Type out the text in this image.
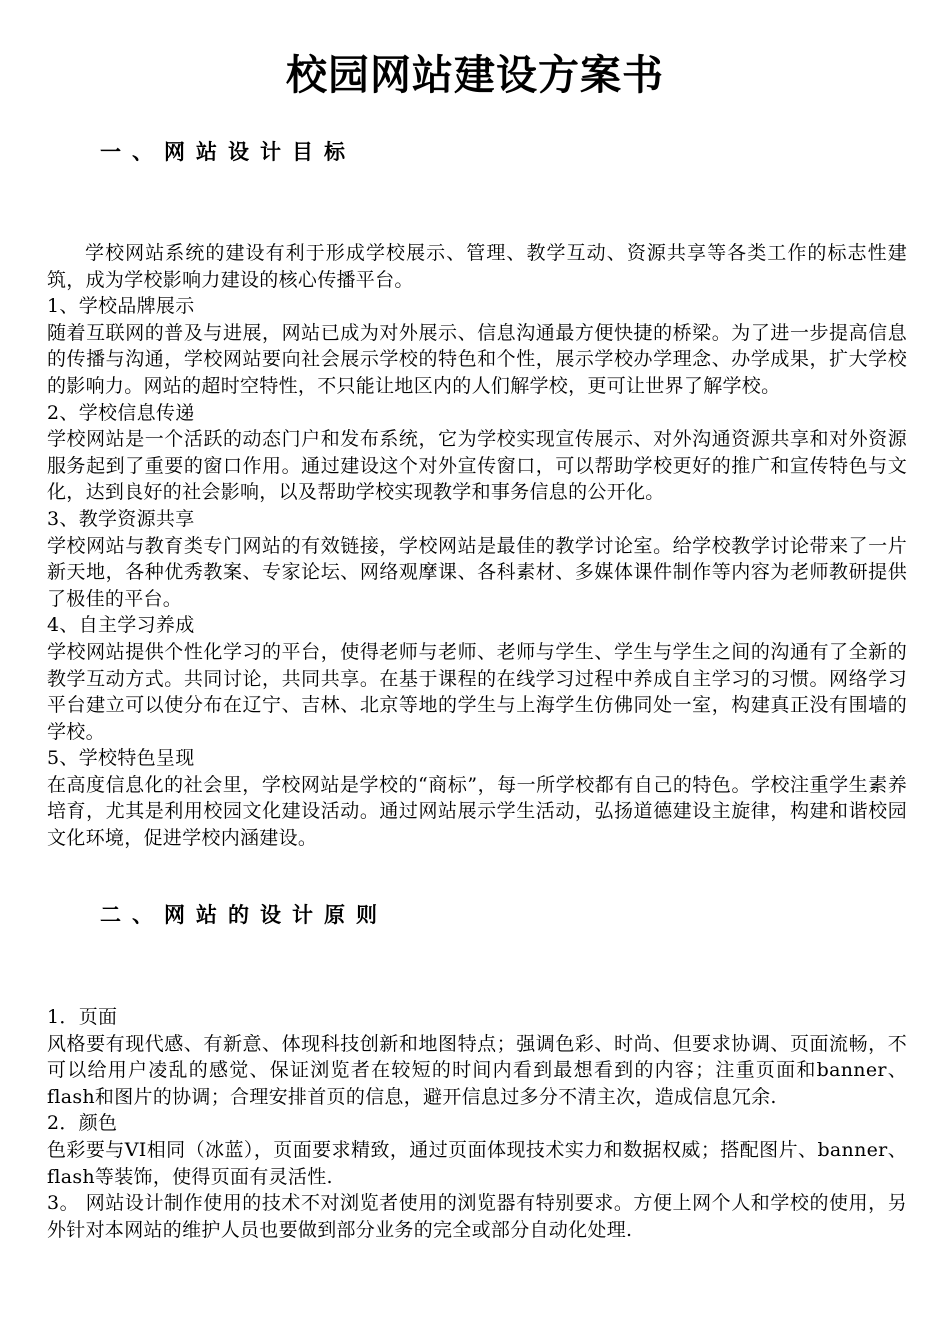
校园网站建设方案书
一、网站设计目标

学校网站系统的建设有利于形成学校展示、管理、教学互动、资源共享等各类工作的标志性建筑，成为学校影响力建设的核心传播平台。

1、学校品牌展示

随着互联网的普及与进展，网站已成为对外展示、信息沟通最方便快捷的桥梁。为了进一步提高信息的传播与沟通，学校网站要向社会展示学校的特色和个性，展示学校办学理念、办学成果，扩大学校的影响力。网站的超时空特性，不只能让地区内的人们解学校，更可让世界了解学校。

2、学校信息传递

学校网站是一个活跃的动态门户和发布系统，它为学校实现宣传展示、对外沟通资源共享和对外资源服务起到了重要的窗口作用。通过建设这个对外宣传窗口，可以帮助学校更好的推广和宣传特色与文化，达到良好的社会影响，以及帮助学校实现教学和事务信息的公开化。

3、教学资源共享

学校网站与教育类专门网站的有效链接，学校网站是最佳的教学讨论室。给学校教学讨论带来了一片新天地，各种优秀教案、专家论坛、网络观摩课、各科素材、多媒体课件制作等内容为老师教研提供了极佳的平台。

4、自主学习养成

学校网站提供个性化学习的平台，使得老师与老师、老师与学生、学生与学生之间的沟通有了全新的教学互动方式。共同讨论，共同共享。在基于课程的在线学习过程中养成自主学习的习惯。网络学习平台建立可以使分布在辽宁、吉林、北京等地的学生与上海学生仿佛同处一室，构建真正没有围墙的学校。

5、学校特色呈现

在高度信息化的社会里，学校网站是学校的“商标”，每一所学校都有自己的特色。学校注重学生素养培育，尤其是利用校园文化建设活动。通过网站展示学生活动，弘扬道德建设主旋律，构建和谐校园文化环境，促进学校内涵建设。

二、网站的设计原则

1．页面

风格要有现代感、有新意、体现科技创新和地图特点；强调色彩、时尚、但要求协调、页面流畅，不可以给用户凌乱的感觉、保证浏览者在较短的时间内看到最想看到的内容；注重页面和banner、flash和图片的协调；合理安排首页的信息，避开信息过多分不清主次，造成信息冗余.

2．颜色

色彩要与VI相同（冰蓝），页面要求精致，通过页面体现技术实力和数据权威；搭配图片、banner、flash等装饰，使得页面有灵活性.

3。 网站设计制作使用的技术不对浏览者使用的浏览器有特别要求。方便上网个人和学校的使用，另外针对本网站的维护人员也要做到部分业务的完全或部分自动化处理.
